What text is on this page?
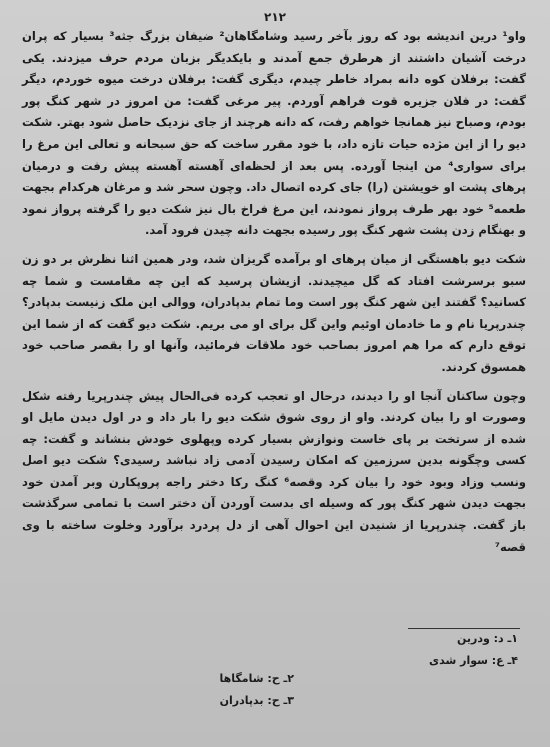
۲۱۲

واو¹ درین اندیشه بود که روز بآخر رسید وشامگاهان² ضیفان بزرگ جثه³ بسیار که پران درخت آشیان داشتند از هرطرق جمع آمدند و بایکدیگر بزبان مردم حرف میزدند. یکی گفت: برفلان کوه دانه بمراد خاطر چیدم، دیگری گفت: برفلان درخت میوه خوردم، دیگر گفت: در فلان جزیره قوت فراهم آوردم. پیر مرغی گفت: من امروز در شهر کنگ پور بودم، وصباح نیز همانجا خواهم رفت، که دانه هرچند از جای نزدیک حاصل شود بهتر. شکت دیو را از این مژده حیات تازه داد، با خود مقرر ساخت که حق سبحانه و تعالی این مرغ را برای سواری⁴ من اینجا آورده. پس بعد از لحظه‌ای آهسته آهسته پیش رفت و درمیان پرهای پشت او خویشتن (را) جای کرده اتصال داد. وچون سحر شد و مرغان هرکدام بجهت طعمه⁵ خود بهر طرف پرواز نمودند، این مرغ فراخ بال نیز شکت دیو را گرفته پرواز نمود و بهنگام زدن پشت شهر کنگ پور رسیده بجهت دانه چیدن فرود آمد.

شکت دیو باهستگی از میان پرهای او برآمده گریزان شد، ودر همین اثنا نظرش بر دو زن سبو برسرشت افتاد که گل میچیدند. ازیشان پرسید که این چه مقامست و شما چه کسانید؟ گفتند این شهر کنگ پور است وما تمام بدپادران، ووالی این ملک زنیست بدپادر؟ چندرپریا نام و ما خادمان اوئیم واین گل برای او می بریم. شکت دیو گفت که از شما این توقع دارم که مرا هم امروز بصاحب خود ملاقات فرمائید، وآنها او را بقصر صاحب خود همسوق کردند.

وچون ساکنان آنجا او را دیدند، درحال او تعجب کرده فی‌الحال پیش چندرپریا رفته شکل وصورت او را بیان کردند. واو از روی شوق شکت دیو را بار داد و در اول دیدن مایل او شده از سرتخت بر پای خاست ونوازش بسیار کرده وپهلوی خودش بنشاند و گفت: چه کسی وچگونه بدین سرزمین که امکان رسیدن آدمی زاد نباشد رسیدی؟ شکت دیو اصل ونسب وزاد وبود خود را بیان کرد وقصه⁶ کنگ رکا دختر راجه پروپکارن وبر آمدن خود بجهت دیدن شهر کنگ پور که وسیله ای بدست آوردن آن دختر است با تمامی سرگذشت باز گفت. چندرپریا از شنیدن این احوال آهی از دل پردرد برآورد وخلوت ساخته با وی قصه⁷

۱ـ د: ودرین
۴ـ ع: سوار شدی
۲ـ ح: شامگاها
۳ـ ح: بدپادران
